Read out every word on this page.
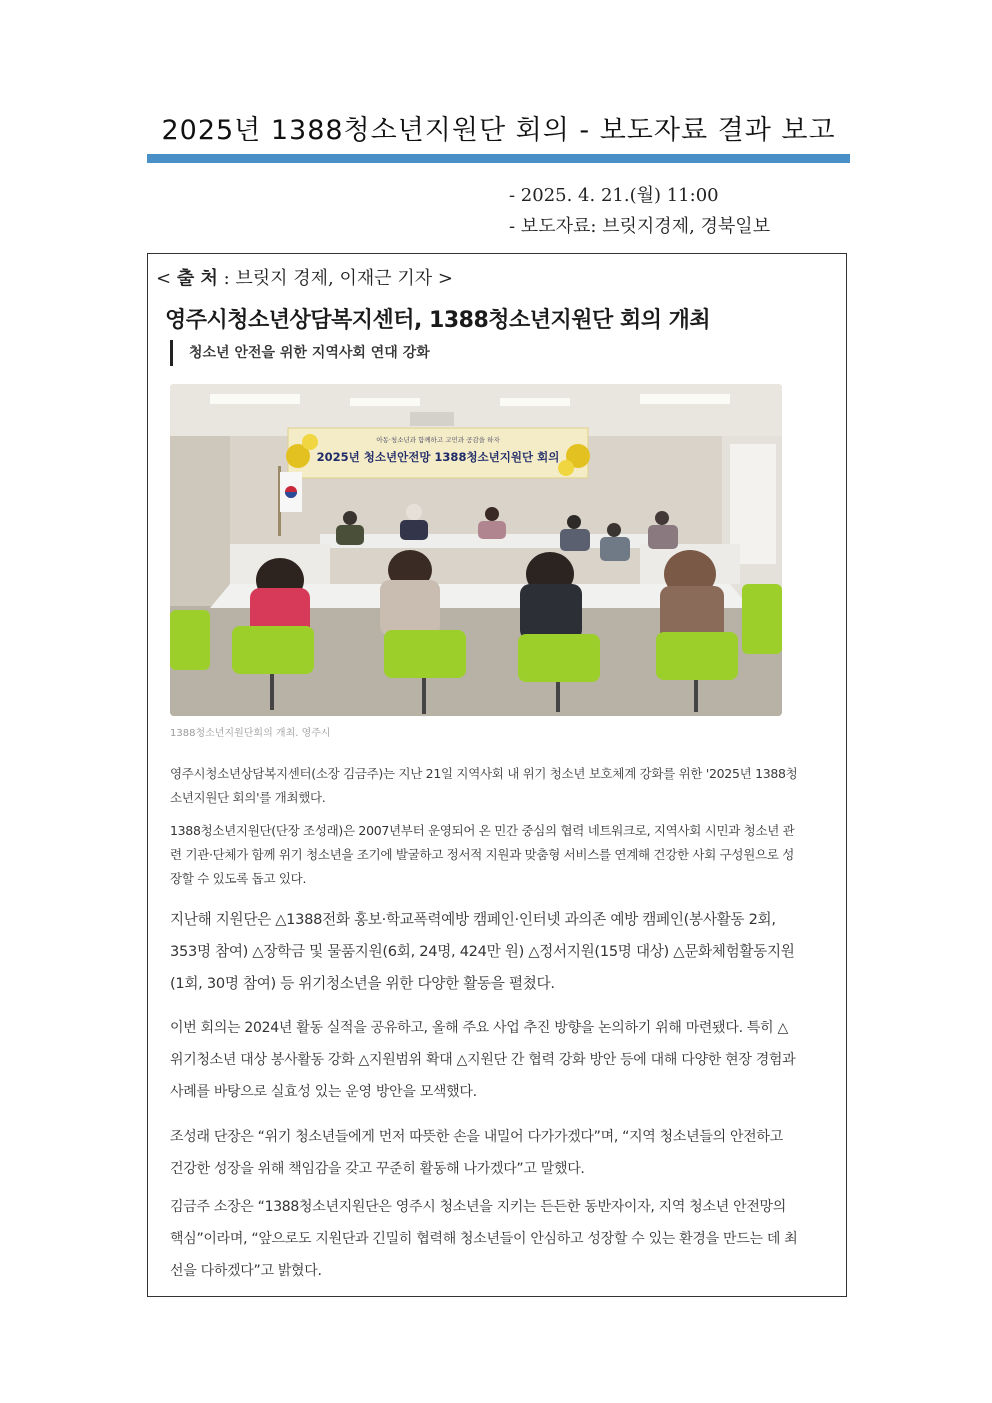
2025년 1388청소년지원단 회의 - 보도자료 결과 보고
- 2025. 4. 21.(월) 11:00
- 보도자료: 브릿지경제, 경북일보
< 출 처 : 브릿지 경제, 이재근 기자 >
영주시청소년상담복지센터, 1388청소년지원단 회의 개최
청소년 안전을 위한 지역사회 연대 강화
아동·청소년과 함께하고 고민과 공감을 하자
2025년 청소년안전망 1388청소년지원단 회의
1388청소년지원단회의 개최. 영주시

영주시청소년상담복지센터(소장 김금주)는 지난 21일 지역사회 내 위기 청소년 보호체계 강화를 위한 '2025년 1388청소년지원단 회의'를 개최했다.

1388청소년지원단(단장 조성래)은 2007년부터 운영되어 온 민간 중심의 협력 네트워크로, 지역사회 시민과 청소년 관련 기관·단체가 함께 위기 청소년을 조기에 발굴하고 정서적 지원과 맞춤형 서비스를 연계해 건강한 사회 구성원으로 성장할 수 있도록 돕고 있다.

지난해 지원단은 △1388전화 홍보·학교폭력예방 캠페인·인터넷 과의존 예방 캠페인(봉사활동 2회, 353명 참여) △장학금 및 물품지원(6회, 24명, 424만 원) △정서지원(15명 대상) △문화체험활동지원(1회, 30명 참여) 등 위기청소년을 위한 다양한 활동을 펼쳤다.

이번 회의는 2024년 활동 실적을 공유하고, 올해 주요 사업 추진 방향을 논의하기 위해 마련됐다. 특히 △위기청소년 대상 봉사활동 강화 △지원범위 확대 △지원단 간 협력 강화 방안 등에 대해 다양한 현장 경험과 사례를 바탕으로 실효성 있는 운영 방안을 모색했다.

조성래 단장은 “위기 청소년들에게 먼저 따뜻한 손을 내밀어 다가가겠다”며, “지역 청소년들의 안전하고 건강한 성장을 위해 책임감을 갖고 꾸준히 활동해 나가겠다”고 말했다.

김금주 소장은 “1388청소년지원단은 영주시 청소년을 지키는 든든한 동반자이자, 지역 청소년 안전망의 핵심”이라며, “앞으로도 지원단과 긴밀히 협력해 청소년들이 안심하고 성장할 수 있는 환경을 만드는 데 최선을 다하겠다”고 밝혔다.
